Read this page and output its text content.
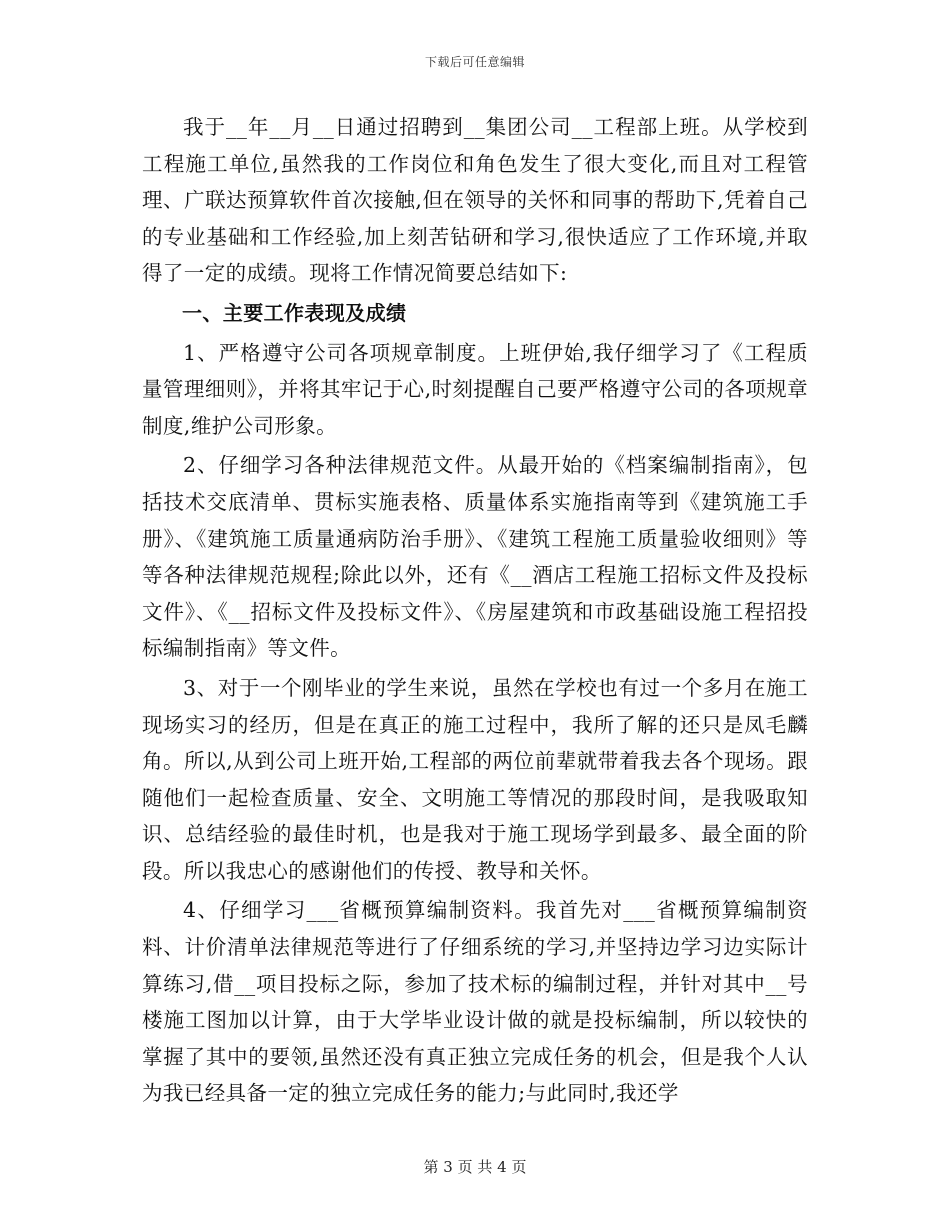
下载后可任意编辑

我于__年__月__日通过招聘到__集团公司__工程部上班。从学校到工程施工单位,虽然我的工作岗位和角色发生了很大变化,而且对工程管理、广联达预算软件首次接触,但在领导的关怀和同事的帮助下,凭着自己的专业基础和工作经验,加上刻苦钻研和学习,很快适应了工作环境,并取得了一定的成绩。现将工作情况简要总结如下:

一、主要工作表现及成绩

1、严格遵守公司各项规章制度。上班伊始,我仔细学习了《工程质量管理细则》，并将其牢记于心,时刻提醒自己要严格遵守公司的各项规章制度,维护公司形象。

2、仔细学习各种法律规范文件。从最开始的《档案编制指南》，包括技术交底清单、贯标实施表格、质量体系实施指南等到《建筑施工手册》、《建筑施工质量通病防治手册》、《建筑工程施工质量验收细则》等等各种法律规范规程;除此以外，还有《__酒店工程施工招标文件及投标文件》、《__招标文件及投标文件》、《房屋建筑和市政基础设施工程招投标编制指南》等文件。

3、对于一个刚毕业的学生来说，虽然在学校也有过一个多月在施工现场实习的经历，但是在真正的施工过程中，我所了解的还只是凤毛麟角。所以,从到公司上班开始,工程部的两位前辈就带着我去各个现场。跟随他们一起检查质量、安全、文明施工等情况的那段时间，是我吸取知识、总结经验的最佳时机，也是我对于施工现场学到最多、最全面的阶段。所以我忠心的感谢他们的传授、教导和关怀。

4、仔细学习___省概预算编制资料。我首先对___省概预算编制资料、计价清单法律规范等进行了仔细系统的学习,并坚持边学习边实际计算练习,借__项目投标之际，参加了技术标的编制过程，并针对其中__号楼施工图加以计算，由于大学毕业设计做的就是投标编制，所以较快的掌握了其中的要领,虽然还没有真正独立完成任务的机会，但是我个人认为我已经具备一定的独立完成任务的能力;与此同时,我还学

第 3 页 共 4 页
